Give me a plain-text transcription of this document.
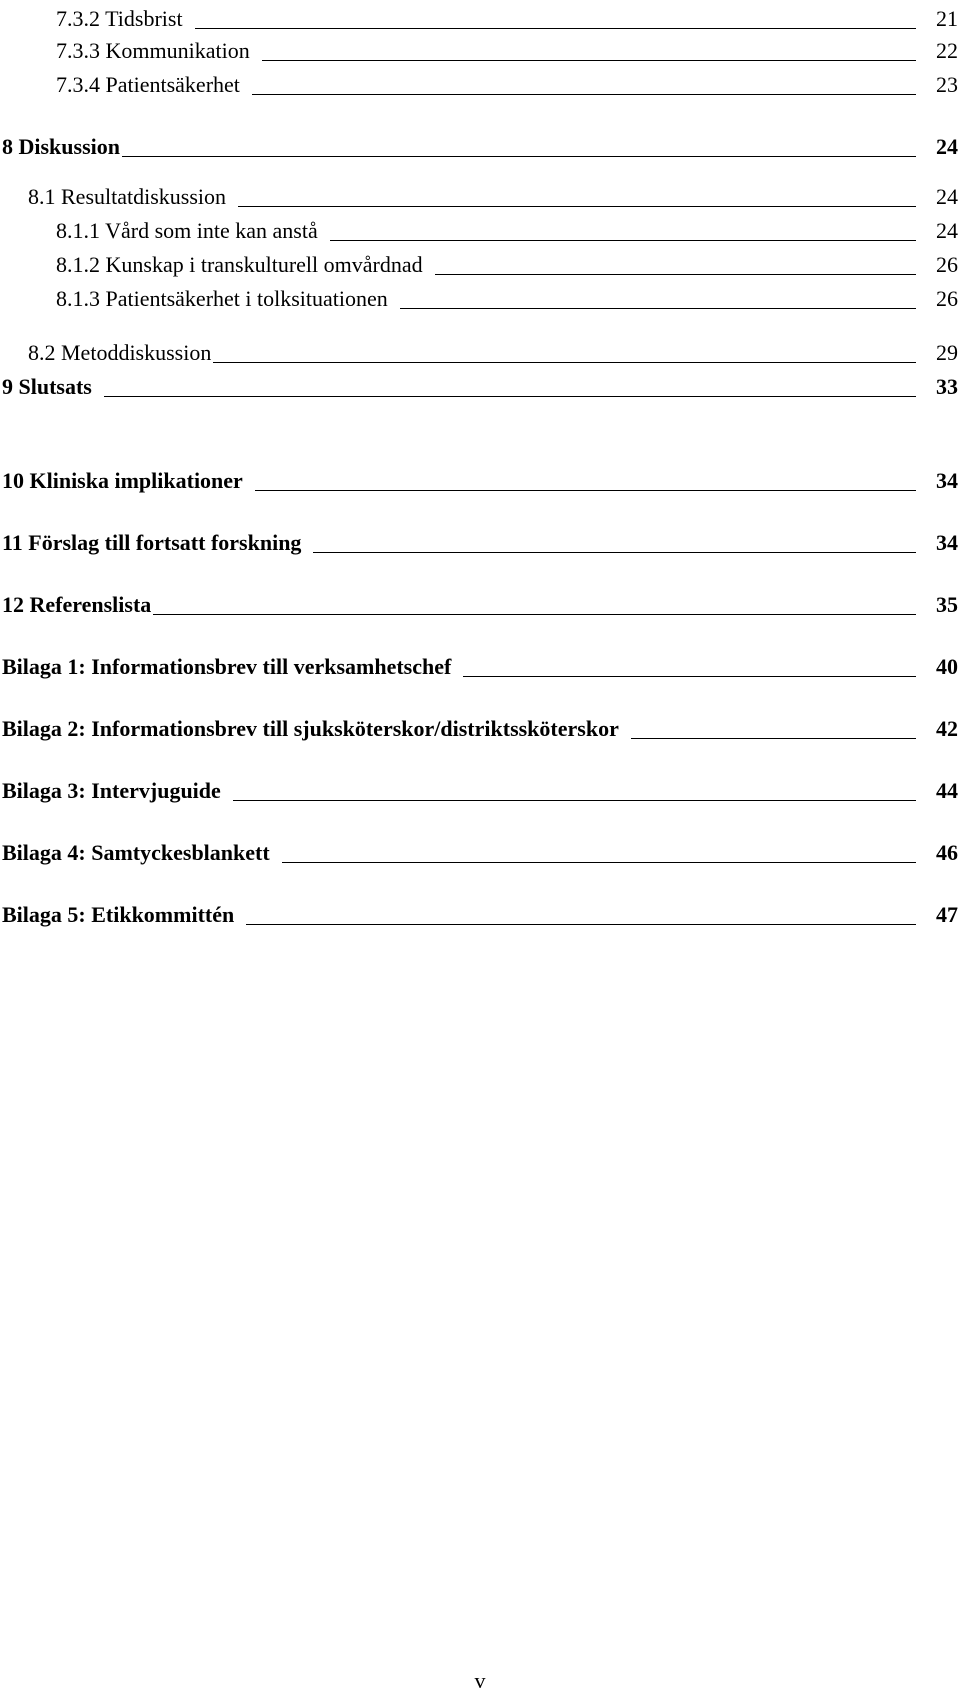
7.3.2 Tidsbrist	21
7.3.3 Kommunikation	22
7.3.4 Patientsäkerhet	23
8 Diskussion	24
8.1 Resultatdiskussion	24
8.1.1 Vård som inte kan anstå	24
8.1.2 Kunskap i transkulturell omvårdnad	26
8.1.3 Patientsäkerhet i tolksituationen	26
8.2 Metoddiskussion	29
9 Slutsats	33
10 Kliniska implikationer	34
11 Förslag till fortsatt forskning	34
12 Referenslista	35
Bilaga 1: Informationsbrev till verksamhetschef	40
Bilaga 2: Informationsbrev till sjuksköterskor/distriktssköterskor	42
Bilaga 3: Intervjuguide	44
Bilaga 4: Samtyckesblankett	46
Bilaga 5: Etikkommittén	47
v
